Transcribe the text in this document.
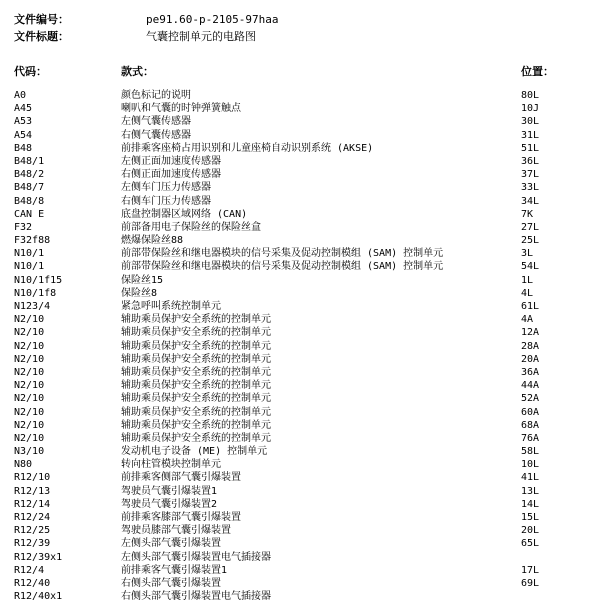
文件编号：	pe91.60-p-2105-97haa
文件标题：	气囊控制单元的电路图
代码：	款式：	位置：
A0	颜色标记的说明	80L
A45	喇叭和气囊的时钟弹簧触点	10J
A53	左侧气囊传感器	30L
A54	右侧气囊传感器	31L
B48	前排乘客座椅占用识别和儿童座椅自动识别系统 (AKSE)	51L
B48/1	左侧正面加速度传感器	36L
B48/2	右侧正面加速度传感器	37L
B48/7	左侧车门压力传感器	33L
B48/8	右侧车门压力传感器	34L
CAN E	底盘控制器区域网络 (CAN)	7K
F32	前部备用电子保险丝的保险丝盒	27L
F32f88	燃爆保险丝88	25L
N10/1	前部带保险丝和继电器模块的信号采集及促动控制模组 (SAM) 控制单元	3L
N10/1	前部带保险丝和继电器模块的信号采集及促动控制模组 (SAM) 控制单元	54L
N10/1f15	保险丝15	1L
N10/1f8	保险丝8	4L
N123/4	紧急呼叫系统控制单元	61L
N2/10	辅助乘员保护安全系统的控制单元	4A
N2/10	辅助乘员保护安全系统的控制单元	12A
N2/10	辅助乘员保护安全系统的控制单元	28A
N2/10	辅助乘员保护安全系统的控制单元	20A
N2/10	辅助乘员保护安全系统的控制单元	36A
N2/10	辅助乘员保护安全系统的控制单元	44A
N2/10	辅助乘员保护安全系统的控制单元	52A
N2/10	辅助乘员保护安全系统的控制单元	60A
N2/10	辅助乘员保护安全系统的控制单元	68A
N2/10	辅助乘员保护安全系统的控制单元	76A
N3/10	发动机电子设备 (ME) 控制单元	58L
N80	转向柱管模块控制单元	10L
R12/10	前排乘客侧部气囊引爆装置	41L
R12/13	驾驶员气囊引爆装置1	13L
R12/14	驾驶员气囊引爆装置2	14L
R12/24	前排乘客膝部气囊引爆装置	15L
R12/25	驾驶员膝部气囊引爆装置	20L
R12/39	左侧头部气囊引爆装置	65L
R12/39x1	左侧头部气囊引爆装置电气插接器
R12/4	前排乘客气囊引爆装置1	17L
R12/40	右侧头部气囊引爆装置	69L
R12/40x1	右侧头部气囊引爆装置电气插接器
